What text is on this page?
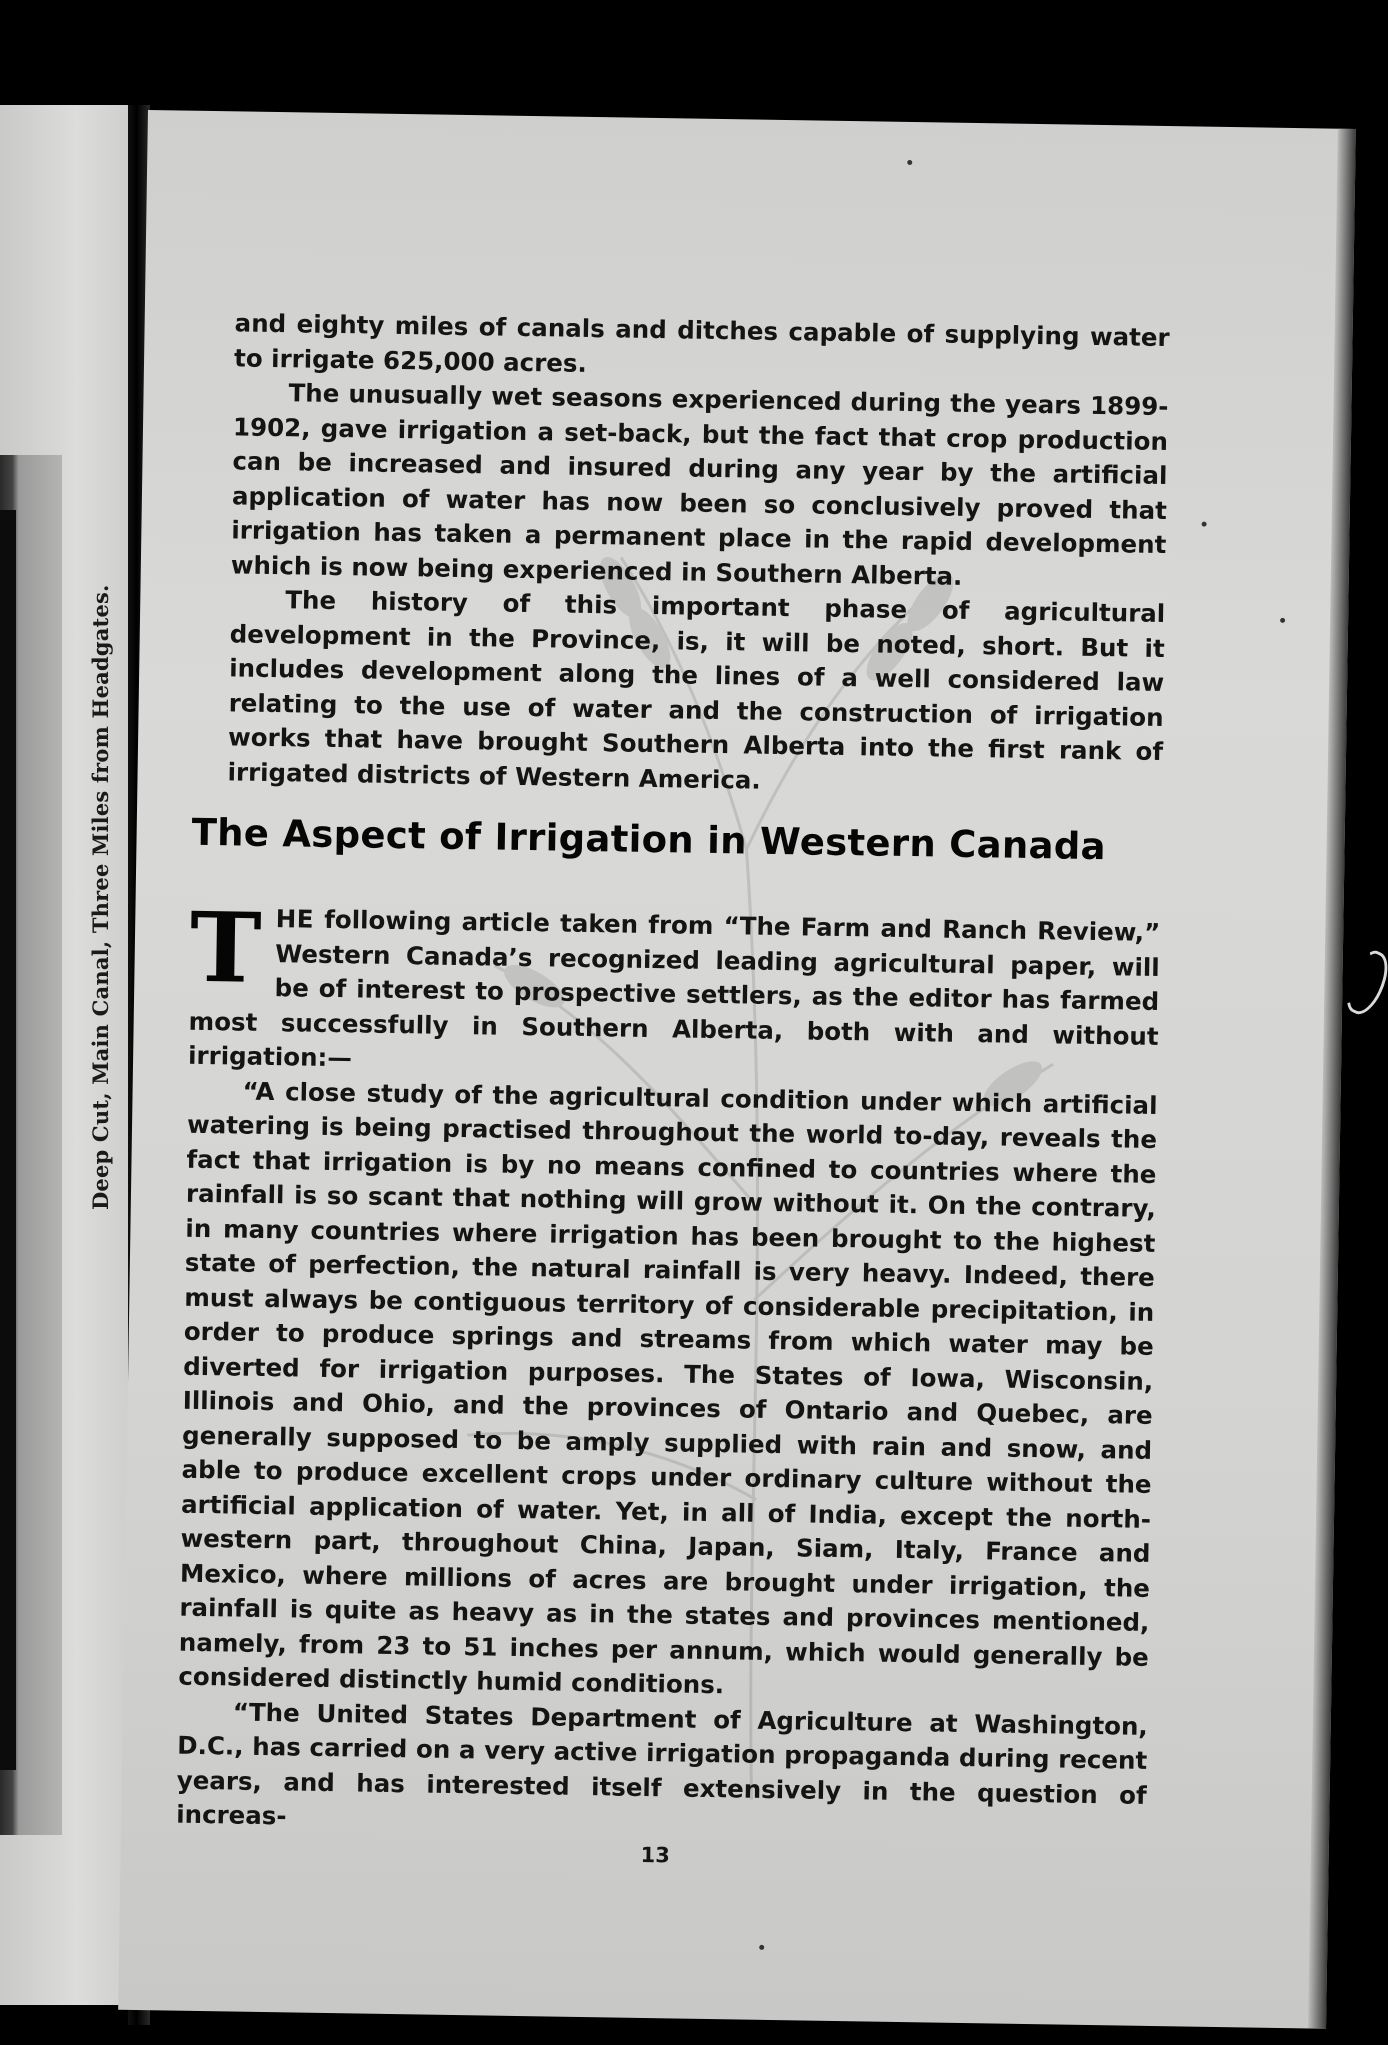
Deep Cut, Main Canal, Three Miles from Headgates.

and eighty miles of canals and ditches capable of supplying water to irrigate 625,000 acres.

The unusually wet seasons experienced during the years 1899-1902, gave irrigation a set-back, but the fact that crop production can be increased and insured during any year by the artificial application of water has now been so conclusively proved that irrigation has taken a permanent place in the rapid development which is now being experienced in Southern Alberta.

The history of this important phase of agricultural development in the Province, is, it will be noted, short. But it includes development along the lines of a well considered law relating to the use of water and the construction of irrigation works that have brought Southern Alberta into the first rank of irrigated districts of Western America.

The Aspect of Irrigation in Western Canada

THE following article taken from “The Farm and Ranch Review,” Western Canada’s recognized leading agricultural paper, will be of interest to prospective settlers, as the editor has farmed most successfully in Southern Alberta, both with and without irrigation:—

“A close study of the agricultural condition under which artificial watering is being practised throughout the world to-day, reveals the fact that irrigation is by no means confined to countries where the rainfall is so scant that nothing will grow without it. On the contrary, in many countries where irrigation has been brought to the highest state of perfection, the natural rainfall is very heavy. Indeed, there must always be contiguous territory of considerable precipitation, in order to produce springs and streams from which water may be diverted for irrigation purposes. The States of Iowa, Wisconsin, Illinois and Ohio, and the provinces of Ontario and Quebec, are generally supposed to be amply supplied with rain and snow, and able to produce excellent crops under ordinary culture without the artificial application of water. Yet, in all of India, except the north-western part, throughout China, Japan, Siam, Italy, France and Mexico, where millions of acres are brought under irrigation, the rainfall is quite as heavy as in the states and provinces mentioned, namely, from 23 to 51 inches per annum, which would generally be considered distinctly humid conditions.

“The United States Department of Agriculture at Washington, D.C., has carried on a very active irrigation propaganda during recent years, and has interested itself extensively in the question of increas-

13
